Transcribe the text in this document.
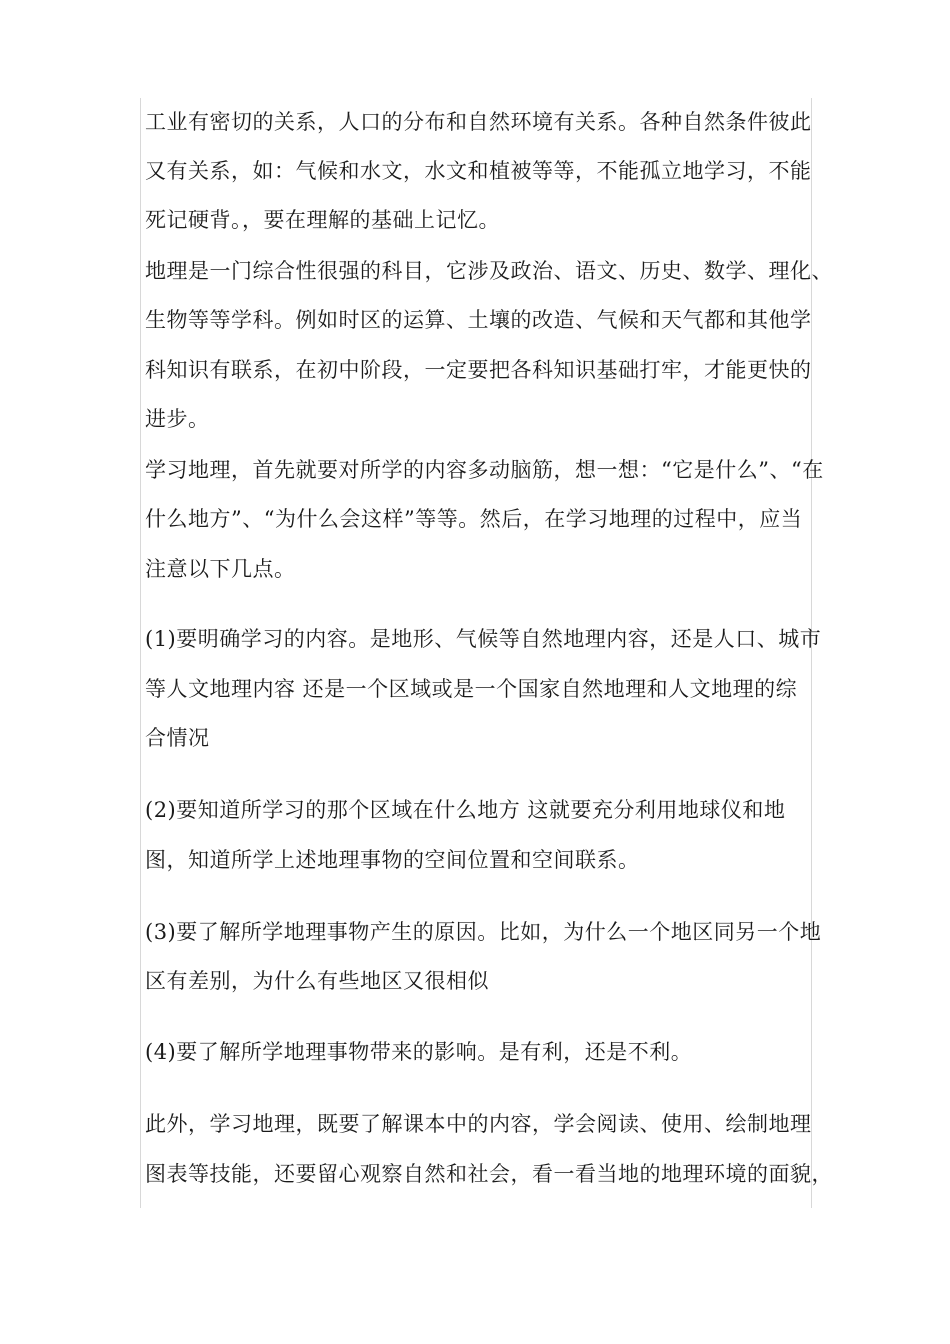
工业有密切的关系，人口的分布和自然环境有关系。各种自然条件彼此
又有关系，如：气候和水文，水文和植被等等，不能孤立地学习，不能
死记硬背。，要在理解的基础上记忆。
地理是一门综合性很强的科目，它涉及政治、语文、历史、数学、理化、
生物等等学科。例如时区的运算、土壤的改造、气候和天气都和其他学
科知识有联系，在初中阶段，一定要把各科知识基础打牢，才能更快的
进步。
学习地理，首先就要对所学的内容多动脑筋，想一想：“它是什么”、“在
什么地方”、“为什么会这样”等等。然后，在学习地理的过程中，应当
注意以下几点。
(1)要明确学习的内容。是地形、气候等自然地理内容，还是人口、城市
等人文地理内容 还是一个区域或是一个国家自然地理和人文地理的综
合情况
(2)要知道所学习的那个区域在什么地方 这就要充分利用地球仪和地
图，知道所学上述地理事物的空间位置和空间联系。
(3)要了解所学地理事物产生的原因。比如，为什么一个地区同另一个地
区有差别，为什么有些地区又很相似
(4)要了解所学地理事物带来的影响。是有利，还是不利。
此外，学习地理，既要了解课本中的内容，学会阅读、使用、绘制地理
图表等技能，还要留心观察自然和社会，看一看当地的地理环境的面貌，
